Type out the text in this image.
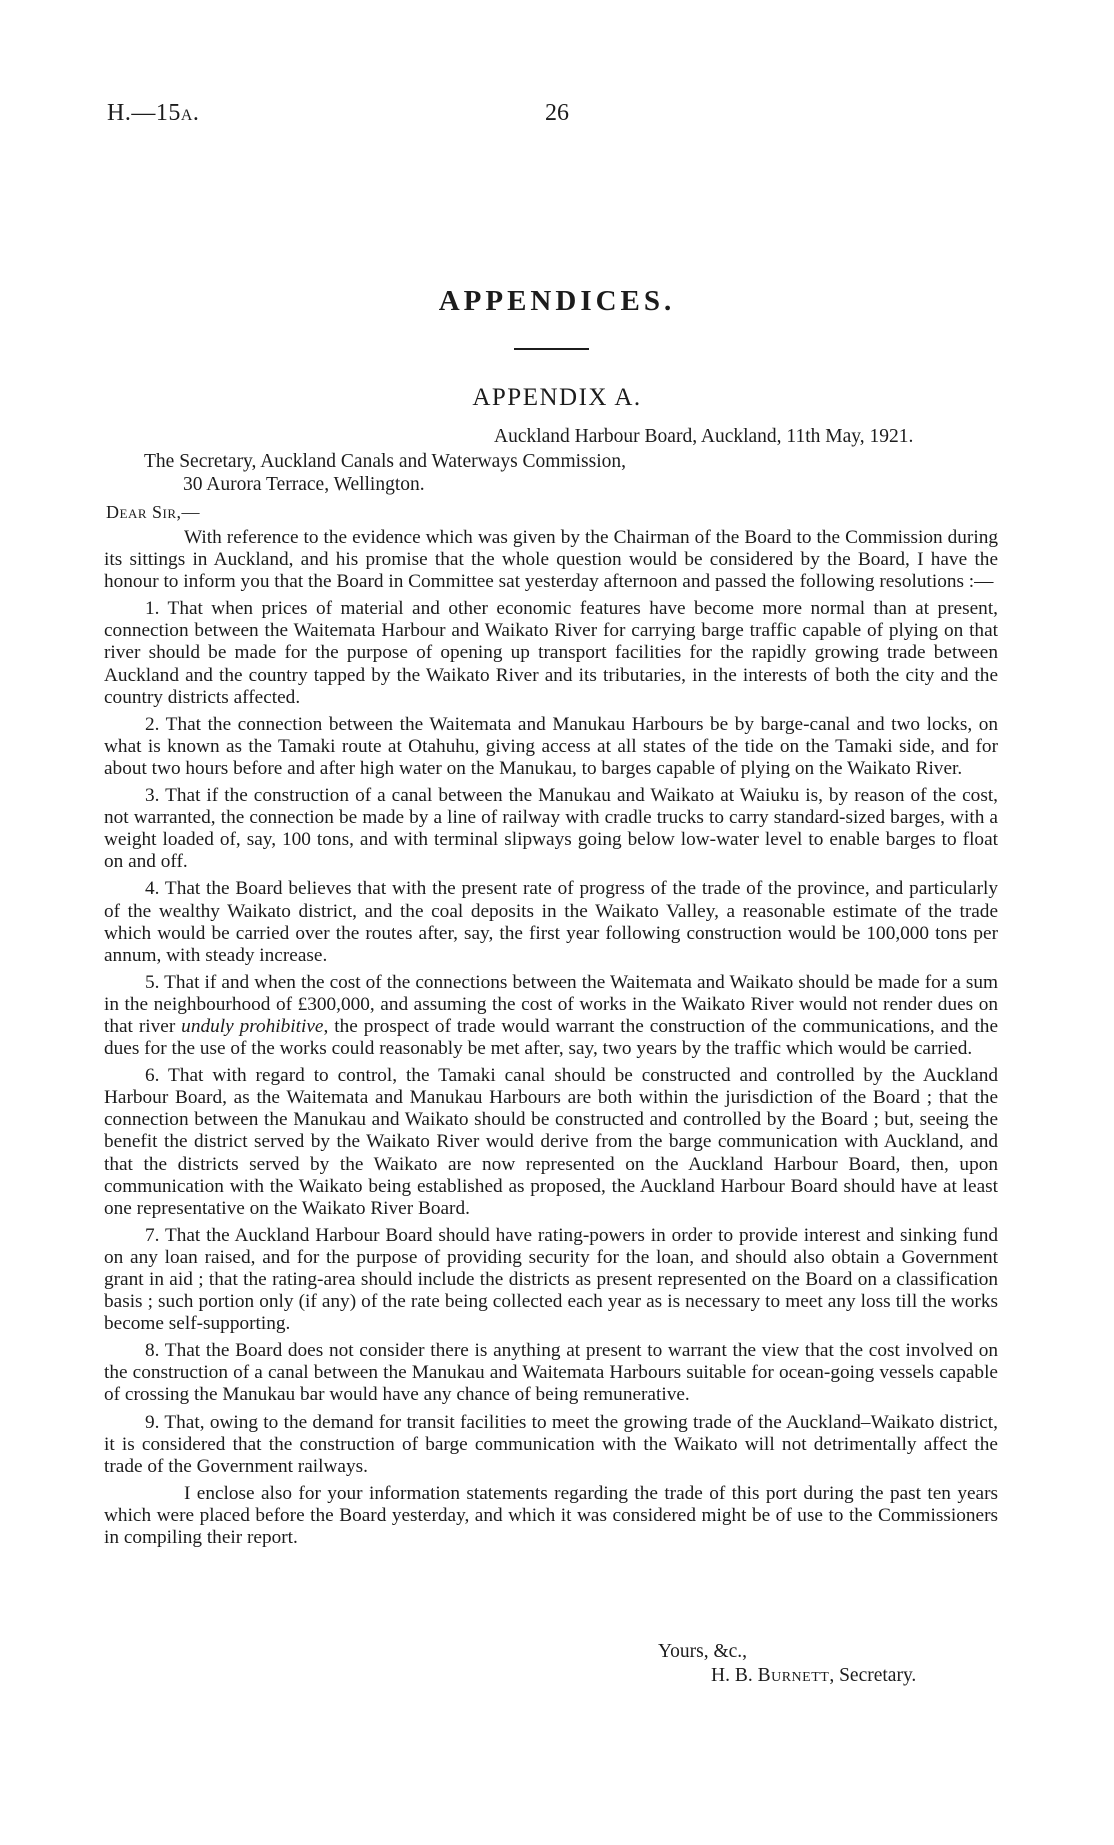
H.—15A.	26
APPENDICES.
APPENDIX A.
Auckland Harbour Board, Auckland, 11th May, 1921.
The Secretary, Auckland Canals and Waterways Commission,
30 Aurora Terrace, Wellington.
Dear Sir,—

With reference to the evidence which was given by the Chairman of the Board to the Commission during its sittings in Auckland, and his promise that the whole question would be considered by the Board, I have the honour to inform you that the Board in Committee sat yesterday afternoon and passed the following resolutions :—

1. That when prices of material and other economic features have become more normal than at present, connection between the Waitemata Harbour and Waikato River for carrying barge traffic capable of plying on that river should be made for the purpose of opening up transport facilities for the rapidly growing trade between Auckland and the country tapped by the Waikato River and its tributaries, in the interests of both the city and the country districts affected.

2. That the connection between the Waitemata and Manukau Harbours be by barge-canal and two locks, on what is known as the Tamaki route at Otahuhu, giving access at all states of the tide on the Tamaki side, and for about two hours before and after high water on the Manukau, to barges capable of plying on the Waikato River.

3. That if the construction of a canal between the Manukau and Waikato at Waiuku is, by reason of the cost, not warranted, the connection be made by a line of railway with cradle trucks to carry standard-sized barges, with a weight loaded of, say, 100 tons, and with terminal slipways going below low-water level to enable barges to float on and off.

4. That the Board believes that with the present rate of progress of the trade of the province, and particularly of the wealthy Waikato district, and the coal deposits in the Waikato Valley, a reasonable estimate of the trade which would be carried over the routes after, say, the first year following construction would be 100,000 tons per annum, with steady increase.

5. That if and when the cost of the connections between the Waitemata and Waikato should be made for a sum in the neighbourhood of £300,000, and assuming the cost of works in the Waikato River would not render dues on that river unduly prohibitive, the prospect of trade would warrant the construction of the communications, and the dues for the use of the works could reasonably be met after, say, two years by the traffic which would be carried.

6. That with regard to control, the Tamaki canal should be constructed and controlled by the Auckland Harbour Board, as the Waitemata and Manukau Harbours are both within the jurisdiction of the Board ; that the connection between the Manukau and Waikato should be constructed and controlled by the Board ; but, seeing the benefit the district served by the Waikato River would derive from the barge communication with Auckland, and that the districts served by the Waikato are now represented on the Auckland Harbour Board, then, upon communication with the Waikato being established as proposed, the Auckland Harbour Board should have at least one representative on the Waikato River Board.

7. That the Auckland Harbour Board should have rating-powers in order to provide interest and sinking fund on any loan raised, and for the purpose of providing security for the loan, and should also obtain a Government grant in aid ; that the rating-area should include the districts as present represented on the Board on a classification basis ; such portion only (if any) of the rate being collected each year as is necessary to meet any loss till the works become self-supporting.

8. That the Board does not consider there is anything at present to warrant the view that the cost involved on the construction of a canal between the Manukau and Waitemata Harbours suitable for ocean-going vessels capable of crossing the Manukau bar would have any chance of being remunerative.

9. That, owing to the demand for transit facilities to meet the growing trade of the Auckland–Waikato district, it is considered that the construction of barge communication with the Waikato will not detrimentally affect the trade of the Government railways.

I enclose also for your information statements regarding the trade of this port during the past ten years which were placed before the Board yesterday, and which it was considered might be of use to the Commissioners in compiling their report.

Yours, &c.,
H. B. Burnett, Secretary.
